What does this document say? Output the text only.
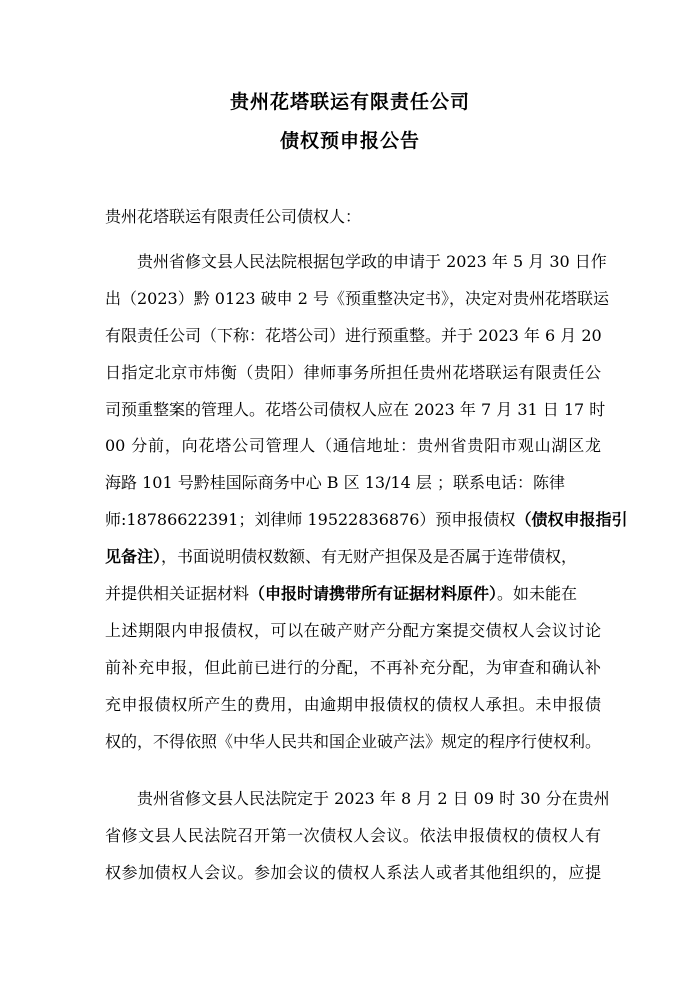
贵州花塔联运有限责任公司
债权预申报公告
贵州花塔联运有限责任公司债权人：
贵州省修文县人民法院根据包学政的申请于 2023 年 5 月 30 日作
出（2023）黔 0123 破申 2 号《预重整决定书》，决定对贵州花塔联运
有限责任公司（下称：花塔公司）进行预重整。并于 2023 年 6 月 20
日指定北京市炜衡（贵阳）律师事务所担任贵州花塔联运有限责任公
司预重整案的管理人。花塔公司债权人应在 2023 年 7 月 31 日 17 时
00 分前，向花塔公司管理人（通信地址：贵州省贵阳市观山湖区龙
海路 101 号黔桂国际商务中心 B 区 13/14 层 ；联系电话：陈律
师:18786622391；刘律师 19522836876）预申报债权（债权申报指引
见备注），书面说明债权数额、有无财产担保及是否属于连带债权，
并提供相关证据材料（申报时请携带所有证据材料原件）。如未能在
上述期限内申报债权，可以在破产财产分配方案提交债权人会议讨论
前补充申报，但此前已进行的分配，不再补充分配，为审查和确认补
充申报债权所产生的费用，由逾期申报债权的债权人承担。未申报债
权的，不得依照《中华人民共和国企业破产法》规定的程序行使权利。
贵州省修文县人民法院定于 2023 年 8 月 2 日 09 时 30 分在贵州
省修文县人民法院召开第一次债权人会议。依法申报债权的债权人有
权参加债权人会议。参加会议的债权人系法人或者其他组织的，应提
